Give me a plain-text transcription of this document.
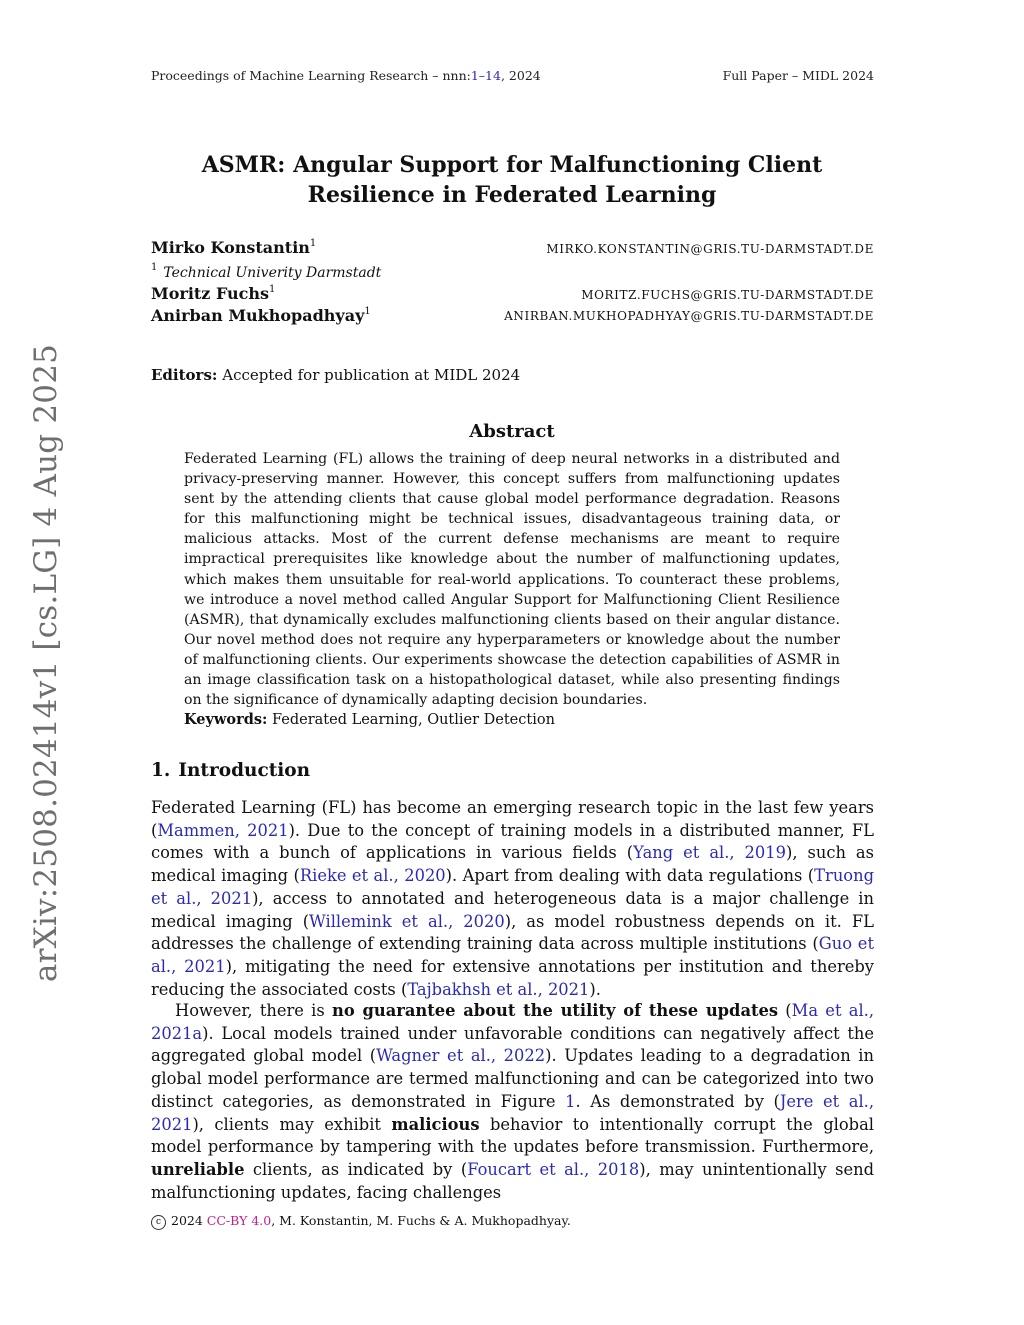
Proceedings of Machine Learning Research – nnn:1–14, 2024	Full Paper – MIDL 2024
arXiv:2508.02414v1 [cs.LG] 4 Aug 2025
ASMR: Angular Support for Malfunctioning Client
Resilience in Federated Learning
Mirko Konstantin$^1$	MIRKO.KONSTANTIN@GRIS.TU-DARMSTADT.DE
$^1$ Technical Univerity Darmstadt
Moritz Fuchs$^1$	MORITZ.FUCHS@GRIS.TU-DARMSTADT.DE
Anirban Mukhopadhyay$^1$	ANIRBAN.MUKHOPADHYAY@GRIS.TU-DARMSTADT.DE
Editors: Accepted for publication at MIDL 2024
Abstract
Federated Learning (FL) allows the training of deep neural networks in a distributed and privacy-preserving manner. However, this concept suffers from malfunctioning updates sent by the attending clients that cause global model performance degradation. Reasons for this malfunctioning might be technical issues, disadvantageous training data, or malicious attacks. Most of the current defense mechanisms are meant to require impractical prerequisites like knowledge about the number of malfunctioning updates, which makes them unsuitable for real-world applications. To counteract these problems, we introduce a novel method called Angular Support for Malfunctioning Client Resilience (ASMR), that dynamically excludes malfunctioning clients based on their angular distance. Our novel method does not require any hyperparameters or knowledge about the number of malfunctioning clients. Our experiments showcase the detection capabilities of ASMR in an image classification task on a histopathological dataset, while also presenting findings on the significance of dynamically adapting decision boundaries.
Keywords: Federated Learning, Outlier Detection
1. Introduction

Federated Learning (FL) has become an emerging research topic in the last few years (Mammen, 2021). Due to the concept of training models in a distributed manner, FL comes with a bunch of applications in various fields (Yang et al., 2019), such as medical imaging (Rieke et al., 2020). Apart from dealing with data regulations (Truong et al., 2021), access to annotated and heterogeneous data is a major challenge in medical imaging (Willemink et al., 2020), as model robustness depends on it. FL addresses the challenge of extending training data across multiple institutions (Guo et al., 2021), mitigating the need for extensive annotations per institution and thereby reducing the associated costs (Tajbakhsh et al., 2021).

However, there is no guarantee about the utility of these updates (Ma et al., 2021a). Local models trained under unfavorable conditions can negatively affect the aggregated global model (Wagner et al., 2022). Updates leading to a degradation in global model performance are termed malfunctioning and can be categorized into two distinct categories, as demonstrated in Figure 1. As demonstrated by (Jere et al., 2021), clients may exhibit malicious behavior to intentionally corrupt the global model performance by tampering with the updates before transmission. Furthermore, unreliable clients, as indicated by (Foucart et al., 2018), may unintentionally send malfunctioning updates, facing challenges

c 2024 CC-BY 4.0, M. Konstantin, M. Fuchs & A. Mukhopadhyay.
